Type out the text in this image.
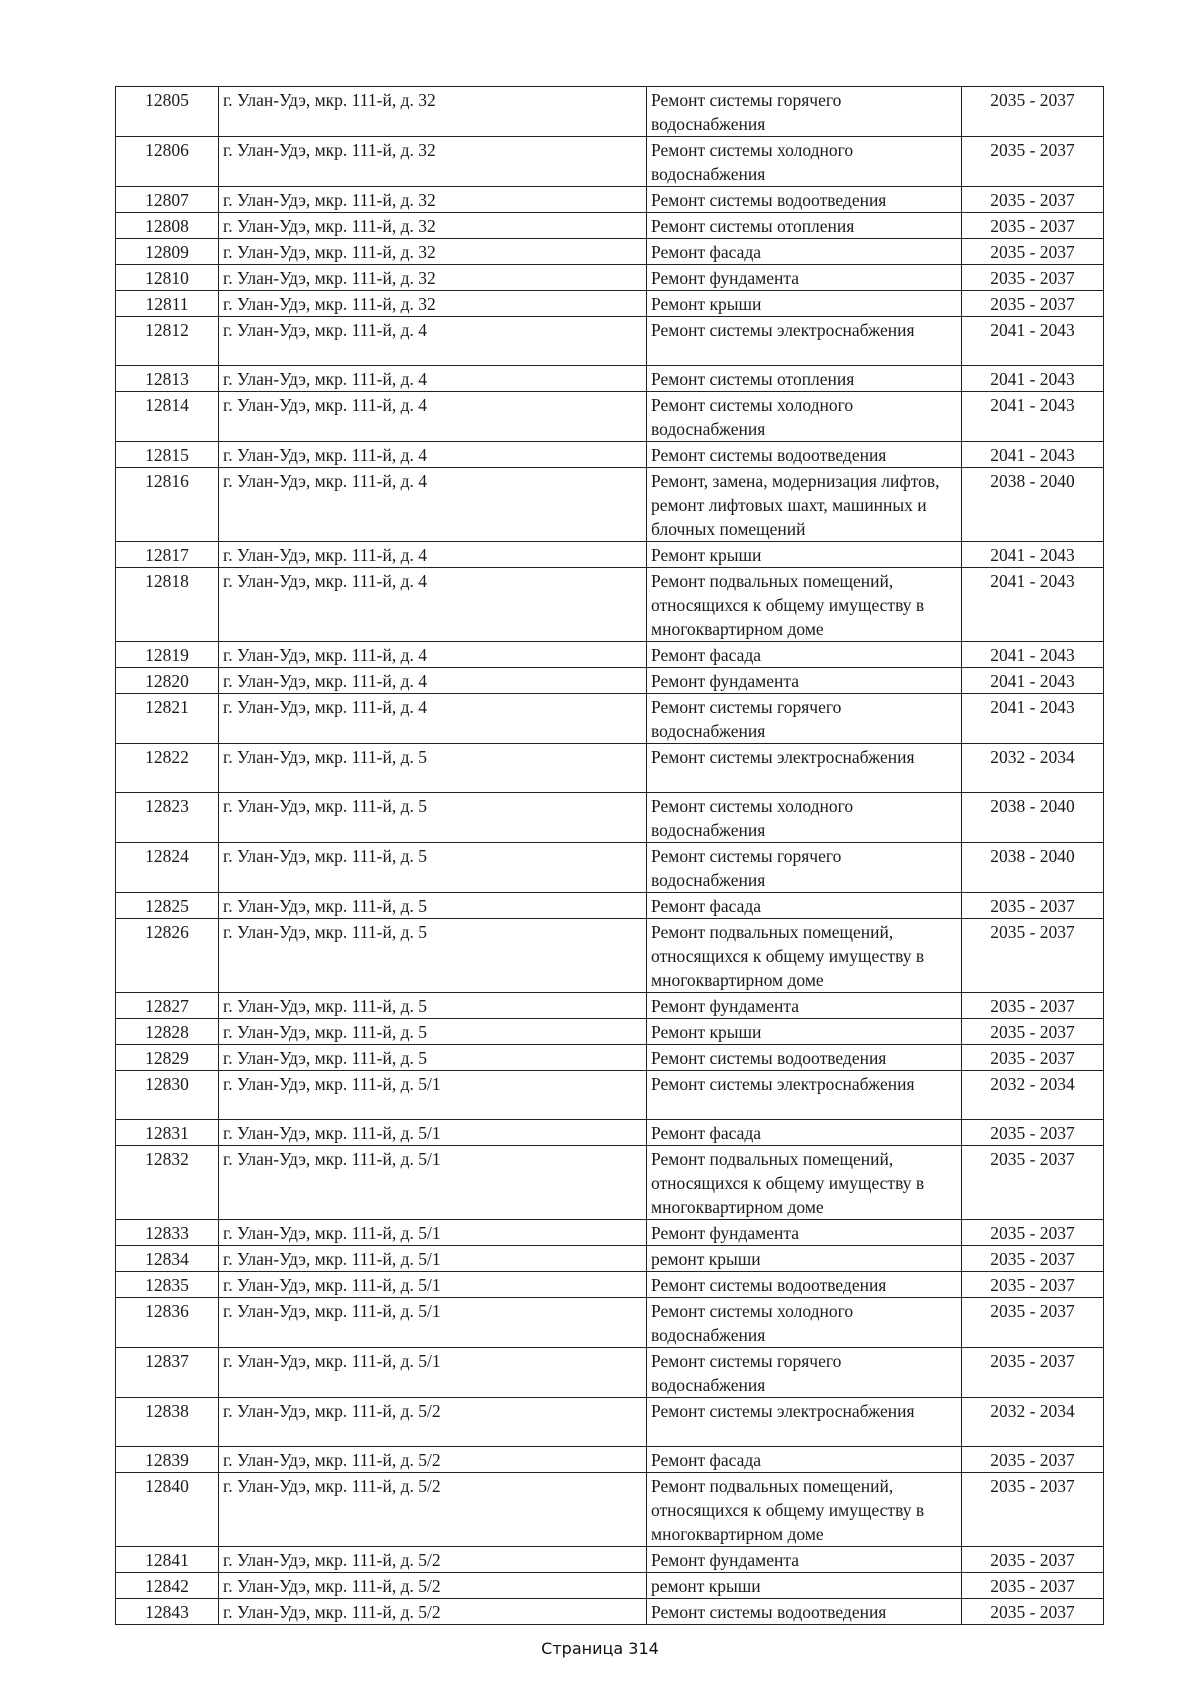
12805	г. Улан-Удэ, мкр. 111-й, д. 32	Ремонт системы горячего водоснабжения	2035 - 2037
12806	г. Улан-Удэ, мкр. 111-й, д. 32	Ремонт системы холодного водоснабжения	2035 - 2037
12807	г. Улан-Удэ, мкр. 111-й, д. 32	Ремонт системы водоотведения	2035 - 2037
12808	г. Улан-Удэ, мкр. 111-й, д. 32	Ремонт системы отопления	2035 - 2037
12809	г. Улан-Удэ, мкр. 111-й, д. 32	Ремонт фасада	2035 - 2037
12810	г. Улан-Удэ, мкр. 111-й, д. 32	Ремонт фундамента	2035 - 2037
12811	г. Улан-Удэ, мкр. 111-й, д. 32	Ремонт крыши	2035 - 2037
12812	г. Улан-Удэ, мкр. 111-й, д. 4	Ремонт системы электроснабжения	2041 - 2043
12813	г. Улан-Удэ, мкр. 111-й, д. 4	Ремонт системы отопления	2041 - 2043
12814	г. Улан-Удэ, мкр. 111-й, д. 4	Ремонт системы холодного водоснабжения	2041 - 2043
12815	г. Улан-Удэ, мкр. 111-й, д. 4	Ремонт системы водоотведения	2041 - 2043
12816	г. Улан-Удэ, мкр. 111-й, д. 4	Ремонт, замена, модернизация лифтов, ремонт лифтовых шахт, машинных и блочных помещений	2038 - 2040
12817	г. Улан-Удэ, мкр. 111-й, д. 4	Ремонт крыши	2041 - 2043
12818	г. Улан-Удэ, мкр. 111-й, д. 4	Ремонт подвальных помещений, относящихся к общему имуществу в многоквартирном доме	2041 - 2043
12819	г. Улан-Удэ, мкр. 111-й, д. 4	Ремонт фасада	2041 - 2043
12820	г. Улан-Удэ, мкр. 111-й, д. 4	Ремонт фундамента	2041 - 2043
12821	г. Улан-Удэ, мкр. 111-й, д. 4	Ремонт системы горячего водоснабжения	2041 - 2043
12822	г. Улан-Удэ, мкр. 111-й, д. 5	Ремонт системы электроснабжения	2032 - 2034
12823	г. Улан-Удэ, мкр. 111-й, д. 5	Ремонт системы холодного водоснабжения	2038 - 2040
12824	г. Улан-Удэ, мкр. 111-й, д. 5	Ремонт системы горячего водоснабжения	2038 - 2040
12825	г. Улан-Удэ, мкр. 111-й, д. 5	Ремонт фасада	2035 - 2037
12826	г. Улан-Удэ, мкр. 111-й, д. 5	Ремонт подвальных помещений, относящихся к общему имуществу в многоквартирном доме	2035 - 2037
12827	г. Улан-Удэ, мкр. 111-й, д. 5	Ремонт фундамента	2035 - 2037
12828	г. Улан-Удэ, мкр. 111-й, д. 5	Ремонт крыши	2035 - 2037
12829	г. Улан-Удэ, мкр. 111-й, д. 5	Ремонт системы водоотведения	2035 - 2037
12830	г. Улан-Удэ, мкр. 111-й, д. 5/1	Ремонт системы электроснабжения	2032 - 2034
12831	г. Улан-Удэ, мкр. 111-й, д. 5/1	Ремонт фасада	2035 - 2037
12832	г. Улан-Удэ, мкр. 111-й, д. 5/1	Ремонт подвальных помещений, относящихся к общему имуществу в многоквартирном доме	2035 - 2037
12833	г. Улан-Удэ, мкр. 111-й, д. 5/1	Ремонт фундамента	2035 - 2037
12834	г. Улан-Удэ, мкр. 111-й, д. 5/1	ремонт крыши	2035 - 2037
12835	г. Улан-Удэ, мкр. 111-й, д. 5/1	Ремонт системы водоотведения	2035 - 2037
12836	г. Улан-Удэ, мкр. 111-й, д. 5/1	Ремонт системы холодного водоснабжения	2035 - 2037
12837	г. Улан-Удэ, мкр. 111-й, д. 5/1	Ремонт системы горячего водоснабжения	2035 - 2037
12838	г. Улан-Удэ, мкр. 111-й, д. 5/2	Ремонт системы электроснабжения	2032 - 2034
12839	г. Улан-Удэ, мкр. 111-й, д. 5/2	Ремонт фасада	2035 - 2037
12840	г. Улан-Удэ, мкр. 111-й, д. 5/2	Ремонт подвальных помещений, относящихся к общему имуществу в многоквартирном доме	2035 - 2037
12841	г. Улан-Удэ, мкр. 111-й, д. 5/2	Ремонт фундамента	2035 - 2037
12842	г. Улан-Удэ, мкр. 111-й, д. 5/2	ремонт крыши	2035 - 2037
12843	г. Улан-Удэ, мкр. 111-й, д. 5/2	Ремонт системы водоотведения	2035 - 2037
Страница 314
